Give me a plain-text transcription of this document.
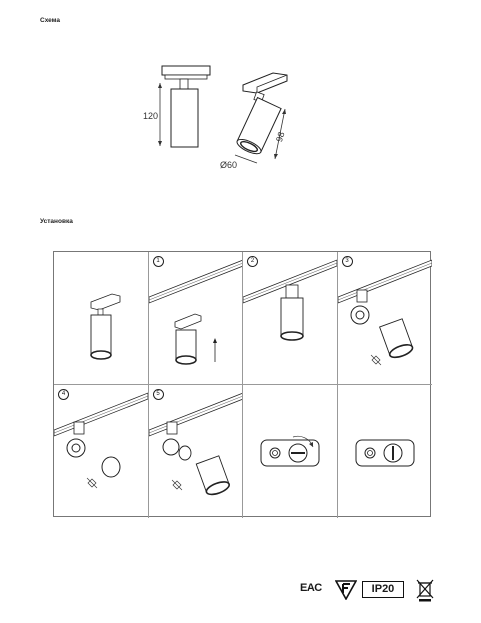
Схема
120
Ø60
98
Установка
1	2	3
4	5
EAC	IP20
